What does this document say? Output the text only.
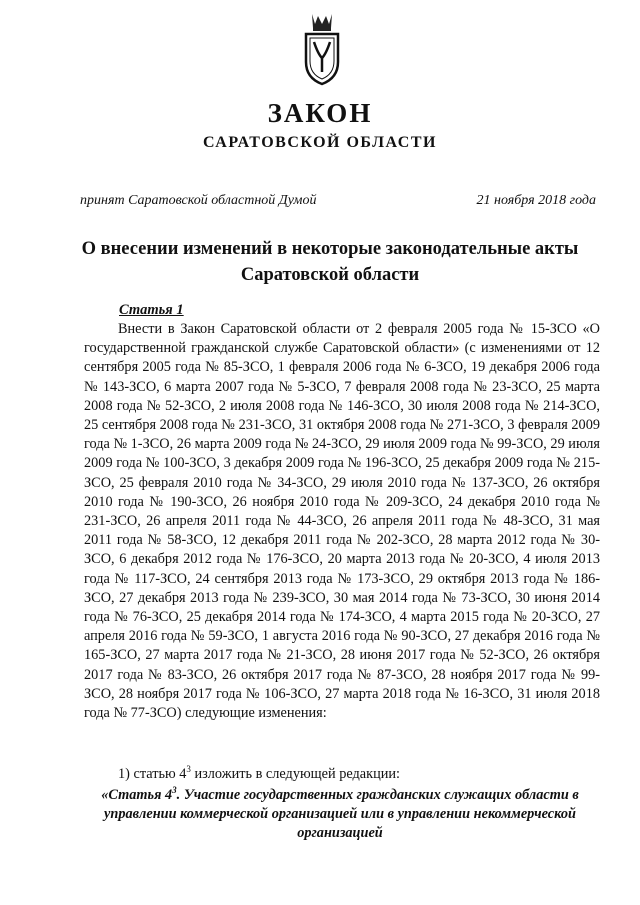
ЗАКОН
САРАТОВСКОЙ ОБЛАСТИ
принят Саратовской областной Думой	21 ноября 2018 года
О внесении изменений в некоторые законодательные акты Саратовской области
Статья 1

Внести в Закон Саратовской области от 2 февраля 2005 года № 15-ЗСО «О государственной гражданской службе Саратовской области» (с изменениями от 12 сентября 2005 года № 85-ЗСО, 1 февраля 2006 года № 6-ЗСО, 19 декабря 2006 года № 143-ЗСО, 6 марта 2007 года № 5-ЗСО, 7 февраля 2008 года № 23-ЗСО, 25 марта 2008 года № 52-ЗСО, 2 июля 2008 года № 146-ЗСО, 30 июля 2008 года № 214-ЗСО, 25 сентября 2008 года № 231-ЗСО, 31 октября 2008 года № 271-ЗСО, 3 февраля 2009 года № 1-ЗСО, 26 марта 2009 года № 24-ЗСО, 29 июля 2009 года № 99-ЗСО, 29 июля 2009 года № 100-ЗСО, 3 декабря 2009 года № 196-ЗСО, 25 декабря 2009 года № 215-ЗСО, 25 февраля 2010 года № 34-ЗСО, 29 июля 2010 года № 137-ЗСО, 26 октября 2010 года № 190-ЗСО, 26 ноября 2010 года № 209-ЗСО, 24 декабря 2010 года № 231-ЗСО, 26 апреля 2011 года № 44-ЗСО, 26 апреля 2011 года № 48-ЗСО, 31 мая 2011 года № 58-ЗСО, 12 декабря 2011 года № 202-ЗСО, 28 марта 2012 года № 30-ЗСО, 6 декабря 2012 года № 176-ЗСО, 20 марта 2013 года № 20-ЗСО, 4 июля 2013 года № 117-ЗСО, 24 сентября 2013 года № 173-ЗСО, 29 октября 2013 года № 186-ЗСО, 27 декабря 2013 года № 239-ЗСО, 30 мая 2014 года № 73-ЗСО, 30 июня 2014 года № 76-ЗСО, 25 декабря 2014 года № 174-ЗСО, 4 марта 2015 года № 20-ЗСО, 27 апреля 2016 года № 59-ЗСО, 1 августа 2016 года № 90-ЗСО, 27 декабря 2016 года № 165-ЗСО, 27 марта 2017 года № 21-ЗСО, 28 июня 2017 года № 52-ЗСО, 26 октября 2017 года № 83-ЗСО, 26 октября 2017 года № 87-ЗСО, 28 ноября 2017 года № 99-ЗСО, 28 ноября 2017 года № 106-ЗСО, 27 марта 2018 года № 16-ЗСО, 31 июля 2018 года № 77-ЗСО) следующие изменения:

1) статью $4^3$ изложить в следующей редакции:
«Статья $4^3$. Участие государственных гражданских служащих области в управлении коммерческой организацией или в управлении некоммерческой организацией
